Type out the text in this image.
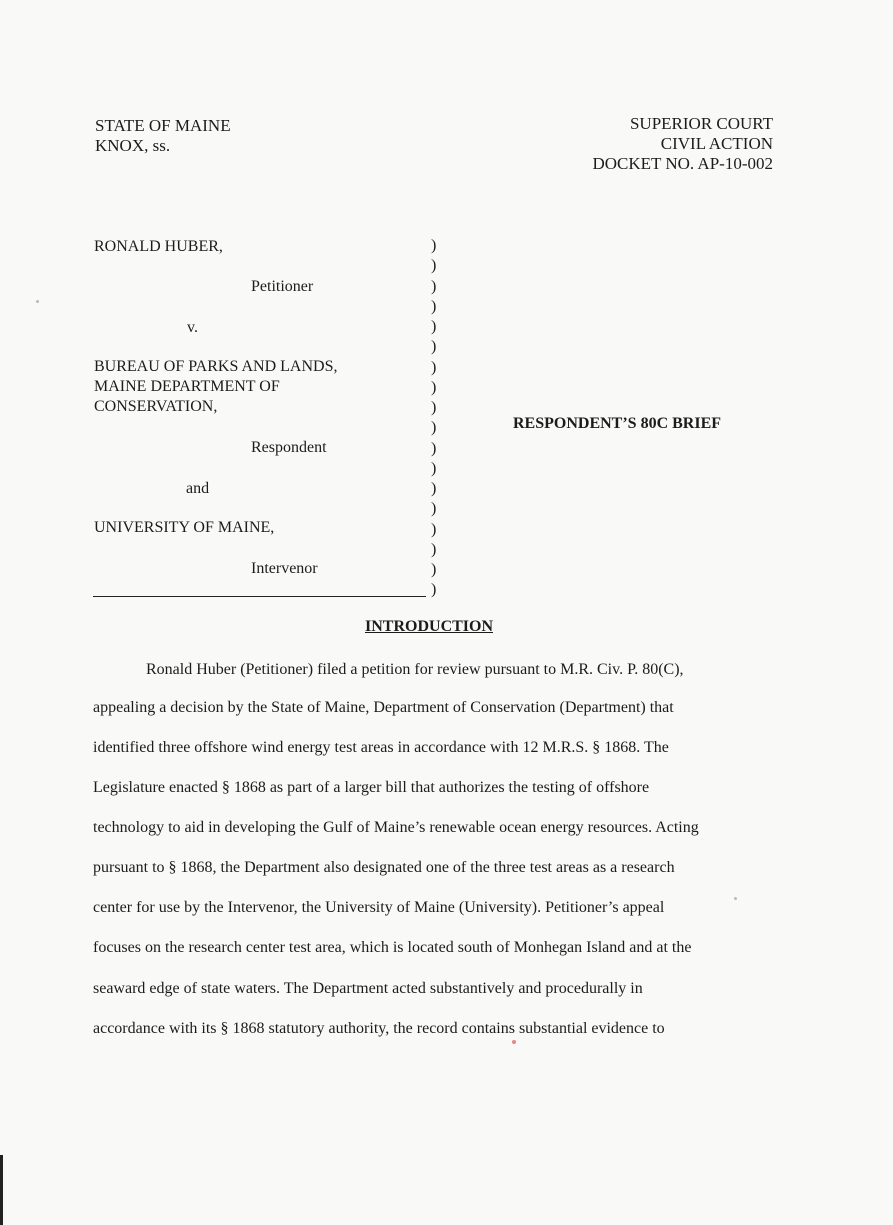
STATE OF MAINE
KNOX, ss.
SUPERIOR COURT
CIVIL ACTION
DOCKET NO. AP-10-002
RONALD HUBER,
Petitioner
v.
BUREAU OF PARKS AND LANDS,
MAINE DEPARTMENT OF
CONSERVATION,
Respondent
and
UNIVERSITY OF MAINE,
Intervenor
)
)
)
)
)
)
)
)
)
)
)
)
)
)
)
)
)
)
RESPONDENT’S 80C BRIEF
INTRODUCTION
Ronald Huber (Petitioner) filed a petition for review pursuant to M.R. Civ. P. 80(C),
appealing a decision by the State of Maine, Department of Conservation (Department) that
identified three offshore wind energy test areas in accordance with 12 M.R.S. § 1868. The
Legislature enacted § 1868 as part of a larger bill that authorizes the testing of offshore
technology to aid in developing the Gulf of Maine’s renewable ocean energy resources. Acting
pursuant to § 1868, the Department also designated one of the three test areas as a research
center for use by the Intervenor, the University of Maine (University). Petitioner’s appeal
focuses on the research center test area, which is located south of Monhegan Island and at the
seaward edge of state waters. The Department acted substantively and procedurally in
accordance with its § 1868 statutory authority, the record contains substantial evidence to
